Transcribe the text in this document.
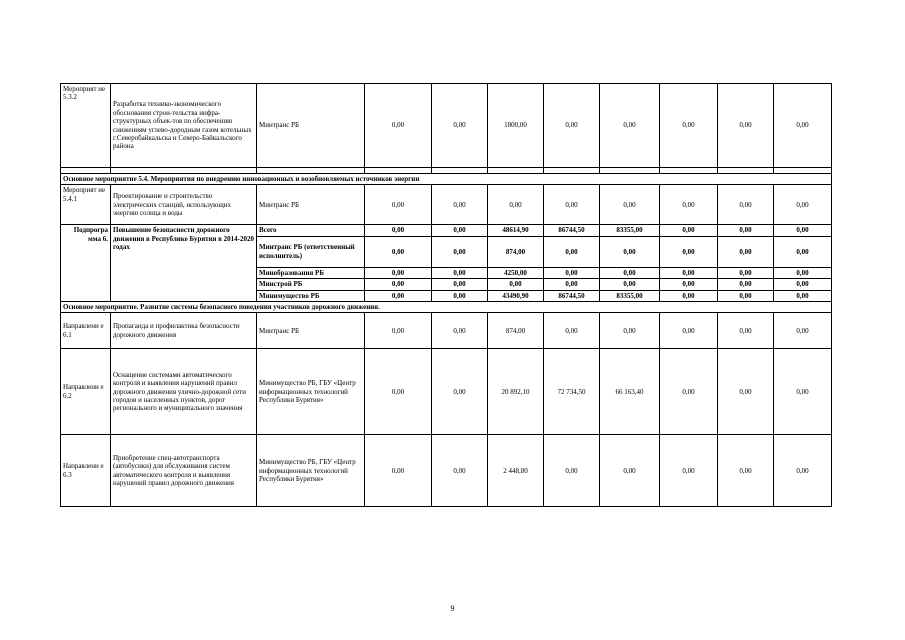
Мероприят ие 5.3.2	Разработка технико-экономического обоснования строи-тельства инфра-структурных объек-тов по обеспечению снижениям углево-дородным газом котельных г.Северобайкальска и Северо-Байкальского района	Минтранс РБ	0,00	0,00	1800,00	0,00	0,00	0,00	0,00	0,00

Основное мероприятие 5.4. Мероприятия по внедрению инновационных и возобновляемых источников энергии										
Мероприят ие 5.4.1	Проектирование и строительство электрических станций, использующих энергию солнца и воды	Минтранс РБ	0,00	0,00	0,00	0,00	0,00	0,00	0,00	0,00
Подпрогра мма 6.	Повышение безопасности дорожного движения в Республике Бурятия в 2014-2020 годах	Всего	0,00	0,00	48614,90	86744,50	83355,00	0,00	0,00	0,00
		Минтранс РБ (ответственный исполнитель)	0,00	0,00	874,00	0,00	0,00	0,00	0,00	0,00
		Минобразования РБ	0,00	0,00	4250,00	0,00	0,00	0,00	0,00	0,00
		Минстрой РБ	0,00	0,00	0,00	0,00	0,00	0,00	0,00	0,00
		Минимущество РБ	0,00	0,00	43490,90	86744,50	83355,00	0,00	0,00	0,00
Основное мероприятие. Развитие системы безопасного поведения участников дорожного движения.										
Направлени е 6.1	Пропаганда и профилактика безопасности дорожного движения	Минтранс РБ	0,00	0,00	874,00	0,00	0,00	0,00	0,00	0,00
Направлени е 6.2	Оснащение системами автоматического контроля и выявления нарушений правил дорожного движения улично-дорожной сети городов и населенных пунктов, дорог регионального и муниципального значения	Минимущество РБ, ГБУ «Центр информационных технологий Республики Бурятия»	0,00	0,00	20 892,10	72 734,50	66 163,40	0,00	0,00	0,00
Направлени е 6.3	Приобретение спец-автотранспорта (автобусики) для обслуживания систем автоматического контроля и выявления нарушений правил дорожного движения	Минимущество РБ, ГБУ «Центр информационных технологий Республики Бурятия»	0,00	0,00	2 448,80	0,00	0,00	0,00	0,00	0,00
9
